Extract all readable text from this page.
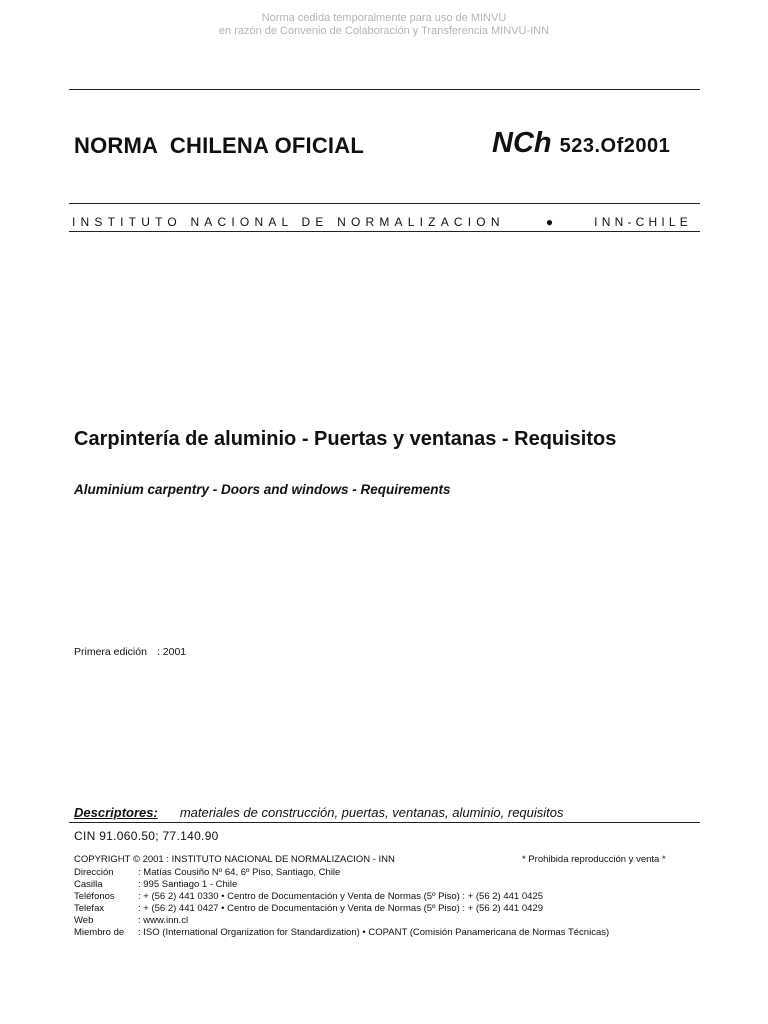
Norma cedida temporalmente para uso de MINVU
en razón de Convenio de Colaboración y Transferencia MINVU-INN
NORMA  CHILENA OFICIAL	NCh 523.Of2001
INSTITUTO NACIONAL DE NORMALIZACION	●	INN-CHILE
Carpintería de aluminio - Puertas y ventanas - Requisitos
Aluminium carpentry - Doors and windows - Requirements
Primera edición : 2001
Descriptores: materiales de construcción, puertas, ventanas, aluminio, requisitos
CIN 91.060.50; 77.140.90
COPYRIGHT © 2001 : INSTITUTO NACIONAL DE NORMALIZACION - INN	* Prohibida reproducción y venta *
Dirección	: Matías Cousiño Nº 64, 6º Piso, Santiago, Chile
Casilla	: 995 Santiago 1 - Chile
Teléfonos	: + (56 2) 441 0330 • Centro de Documentación y Venta de Normas (5º Piso) : + (56 2) 441 0425
Telefax	: + (56 2) 441 0427 • Centro de Documentación y Venta de Normas (5º Piso) : + (56 2) 441 0429
Web	: www.inn.cl
Miembro de	: ISO (International Organization for Standardization) • COPANT (Comisión Panamericana de Normas Técnicas)
